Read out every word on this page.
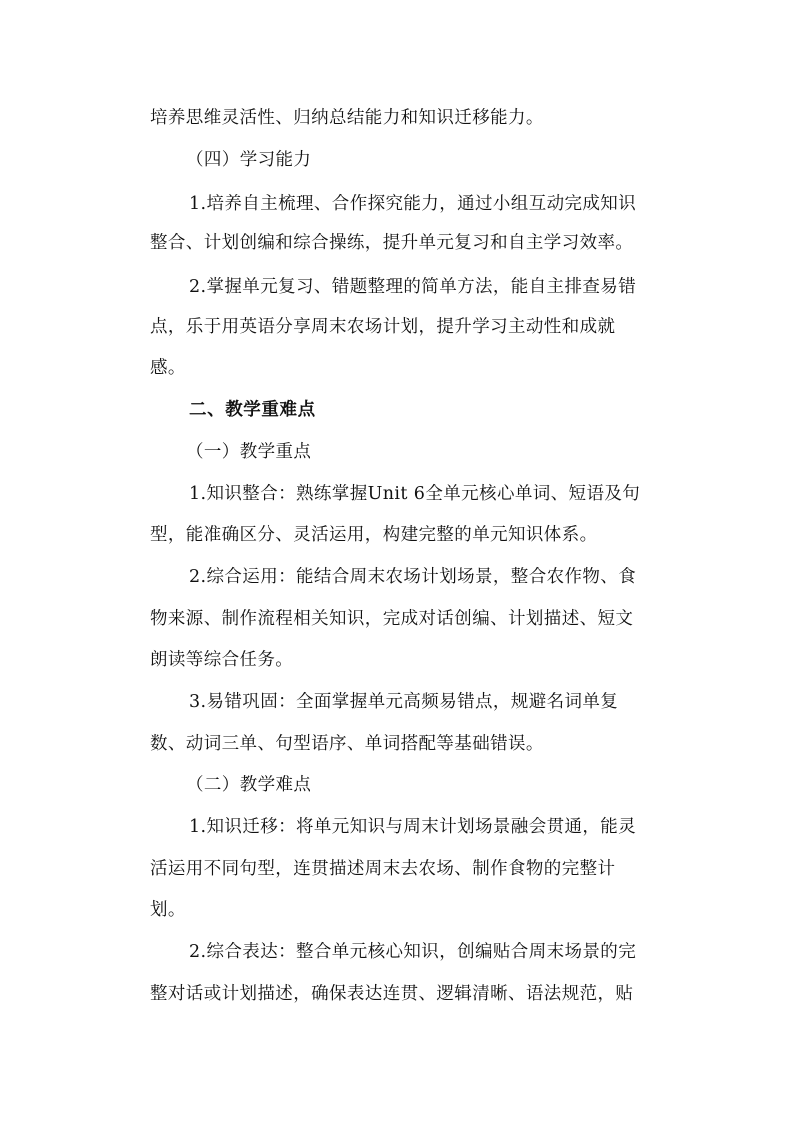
培养思维灵活性、归纳总结能力和知识迁移能力。
（四）学习能力
1.培养自主梳理、合作探究能力，通过小组互动完成知识
整合、计划创编和综合操练，提升单元复习和自主学习效率。
2.掌握单元复习、错题整理的简单方法，能自主排查易错
点，乐于用英语分享周末农场计划，提升学习主动性和成就
感。
二、教学重难点
（一）教学重点
1.知识整合：熟练掌握Unit 6全单元核心单词、短语及句
型，能准确区分、灵活运用，构建完整的单元知识体系。
2.综合运用：能结合周末农场计划场景，整合农作物、食
物来源、制作流程相关知识，完成对话创编、计划描述、短文
朗读等综合任务。
3.易错巩固：全面掌握单元高频易错点，规避名词单复
数、动词三单、句型语序、单词搭配等基础错误。
（二）教学难点
1.知识迁移：将单元知识与周末计划场景融会贯通，能灵
活运用不同句型，连贯描述周末去农场、制作食物的完整计
划。
2.综合表达：整合单元核心知识，创编贴合周末场景的完
整对话或计划描述，确保表达连贯、逻辑清晰、语法规范，贴
